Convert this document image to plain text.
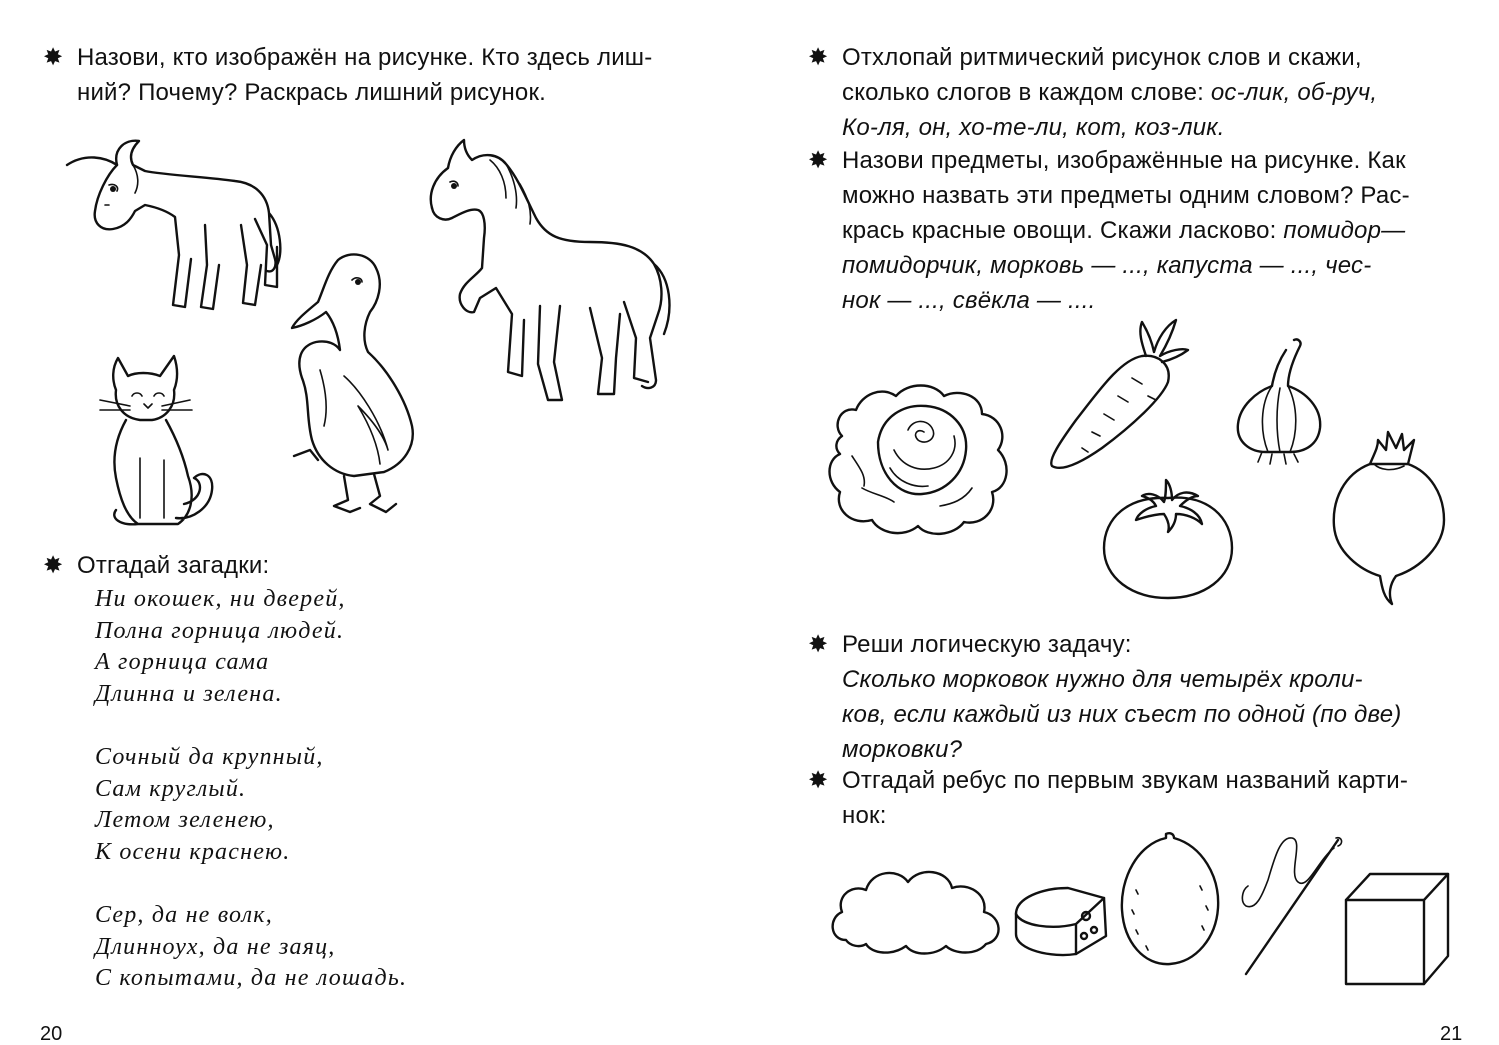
✸ Назови, кто изображён на рисунке. Кто здесь лиш-
ний? Почему? Раскрась лишний рисунок.
✸ Отгадай загадки:
Ни окошек, ни дверей,
Полна горница людей.
А горница сама
Длинна и зелена.
Сочный да крупный,
Сам круглый.
Летом зеленею,
К осени краснею.
Сер, да не волк,
Длинноух, да не заяц,
С копытами, да не лошадь.
20
✸ Отхлопай ритмический рисунок слов и скажи,
сколько слогов в каждом слове: ос-лик, об-руч,
Ко-ля, он, хо-те-ли, кот, коз-лик.
✸ Назови предметы, изображённые на рисунке. Как
можно назвать эти предметы одним словом? Рас-
крась красные овощи. Скажи ласково: помидор—
помидорчик, морковь — ..., капуста — ..., чес-
нок — ..., свёкла — ....
✸ Реши логическую задачу:
Сколько морковок нужно для четырёх кроли-
ков, если каждый из них съест по одной (по две)
морковки?
✸ Отгадай ребус по первым звукам названий карти-
нок:
21
